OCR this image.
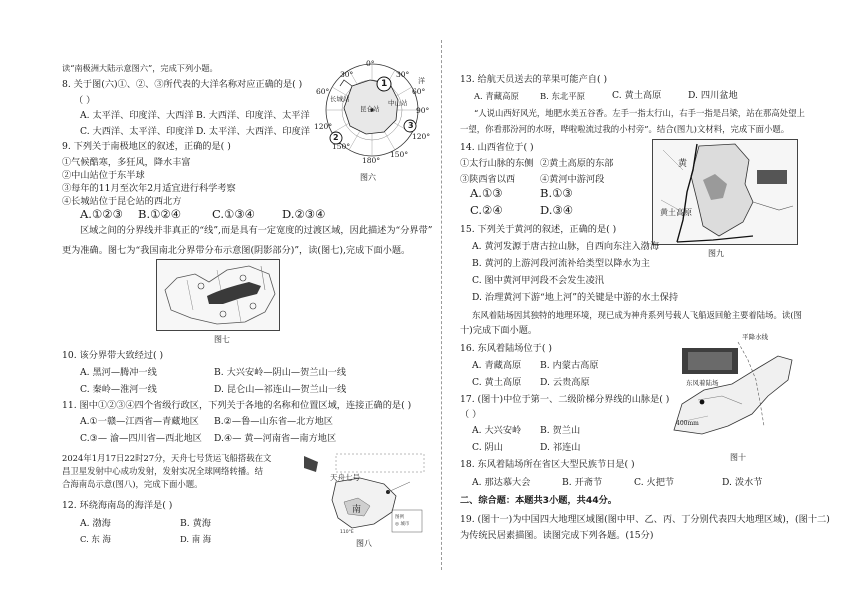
读“南极洲大陆示意图六”，完成下列小题。
8. 关于图(六)①、②、③所代表的大洋名称对应正确的是( )
（ ）
A. 太平洋、印度洋、大西洋 B. 大西洋、印度洋、太平洋
C. 大西洋、太平洋、印度洋 D. 太平洋、大西洋、印度洋
9. 下列关于南极地区的叙述，正确的是( )
①气候酷寒，多狂风，降水丰富
②中山站位于东半球
③每年的11月至次年2月适宜进行科学考察
④长城站位于昆仑站的西北方
A.①②③ B.①②④	C.①③④ D.②③④
区域之间的分界线并非真正的“线”,而是具有一定宽度的过渡区域，因此描述为“分界带”
更为准确。图七为“我国南北分界带分布示意图(阴影部分)”，读(图七),完成下面小题。
图七
10. 该分界带大致经过( )
A. 黑河—腾冲一线	B. 大兴安岭—阴山—贺兰山一线
C. 秦岭—淮河一线	D. 昆仑山—祁连山—贺兰山一线
11. 图中①②③④四个省级行政区，下列关于各地的名称和位置区域，连接正确的是( )
A.①一赣—江西省—青藏地区 B.②—鲁—山东省—北方地区
C.③— 渝—四川省—西北地区 D.④— 黄—河南省—南方地区
2024年1月17日22时27分，天舟七号货运飞船搭载在文
昌卫星发射中心成功发射，发射实况全球网络转播。结
合海南岛示意(图八)，完成下面小题。
南
图例
◎ 城市
110°E
天舟七号
图八
12. 环绕海南岛的海洋是( )
A. 渤海	B. 黄海
C. 东 海	D. 南 海
0°
30°	30°
60°	60°
90°
120°
120°
150°
150°
180°
1
2
3
昆仑站
中山站
长城站
洋
图六
13. 给航天员送去的苹果可能产自( )
A. 青藏高原	B. 东北平原	C. 黄土高原	D. 四川盆地
“人说山西好风光，地肥水美五谷香。左手一指太行山，右手一指是吕梁，站在那高处望上
一望，你看那汾河的水呀，哗啦啦流过我的小村旁”。结合(图九)文材料，完成下面小题。
14. 山西省位于( )
①太行山脉的东侧 ②黄土高原的东部
③陕西省以西	④黄河中游河段
A.①③	B.①③
C.②④	D.③④
黄
黄土高原
图九
15. 下列关于黄河的叙述，正确的是( )
A. 黄河发源于唐古拉山脉，自西向东注入渤海
B. 黄河的上游河段河流补给类型以降水为主
C. 图中黄河甲河段不会发生凌汛
D. 治理黄河下游“地上河”的关键是中游的水土保持
东风着陆场因其独特的地理环境，现已成为神舟系列号载人飞船返回舱主要着陆场。读(图
十)完成下面小题。
16. 东风着陆场位于( )
A. 青藏高原 B. 内蒙古高原
C. 黄土高原 D. 云贵高原
平降水线
东风着陆场
400mm
图十
17. (图十)中位于第一、二级阶梯分界线的山脉是( )
（ ）
A. 大兴安岭 B. 贺兰山
C. 阴山	D. 祁连山
18. 东风着陆场所在省区大型民族节日是( )
A. 那达慕大会	B. 开斋节	C. 火把节	D. 泼水节
二、综合题：本题共3小题，共44分。
19. (图十一)为中国四大地理区域图(图中甲、乙、丙、丁分别代表四大地理区域)，(图十二)
为传统民居素描图。读图完成下列各题。(15分)
